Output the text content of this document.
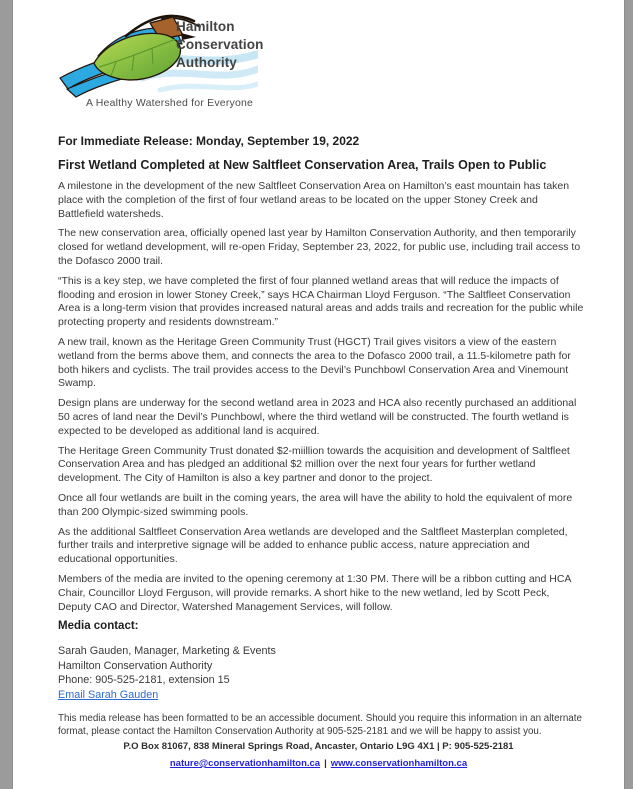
Hamilton
Conservation
Authority
A Healthy Watershed for Everyone

For Immediate Release: Monday, September 19, 2022

First Wetland Completed at New Saltfleet Conservation Area, Trails Open to Public

A milestone in the development of the new Saltfleet Conservation Area on Hamilton’s east mountain has taken place with the completion of the first of four wetland areas to be located on the upper Stoney Creek and Battlefield watersheds.

The new conservation area, officially opened last year by Hamilton Conservation Authority, and then temporarily closed for wetland development, will re-open Friday, September 23, 2022, for public use, including trail access to the Dofasco 2000 trail.

“This is a key step, we have completed the first of four planned wetland areas that will reduce the impacts of flooding and erosion in lower Stoney Creek,” says HCA Chairman Lloyd Ferguson. “The Saltfleet Conservation Area is a long-term vision that provides increased natural areas and adds trails and recreation for the public while protecting property and residents downstream.”

A new trail, known as the Heritage Green Community Trust (HGCT) Trail gives visitors a view of the eastern wetland from the berms above them, and connects the area to the Dofasco 2000 trail, a 11.5-kilometre path for both hikers and cyclists. The trail provides access to the Devil’s Punchbowl Conservation Area and Vinemount Swamp.

Design plans are underway for the second wetland area in 2023 and HCA also recently purchased an additional 50 acres of land near the Devil’s Punchbowl, where the third wetland will be constructed. The fourth wetland is expected to be developed as additional land is acquired.

The Heritage Green Community Trust donated $2-miillion towards the acquisition and development of Saltfleet Conservation Area and has pledged an additional $2 million over the next four years for further wetland development. The City of Hamilton is also a key partner and donor to the project.

Once all four wetlands are built in the coming years, the area will have the ability to hold the equivalent of more than 200 Olympic-sized swimming pools.

As the additional Saltfleet Conservation Area wetlands are developed and the Saltfleet Masterplan completed, further trails and interpretive signage will be added to enhance public access, nature appreciation and educational opportunities.

Members of the media are invited to the opening ceremony at 1:30 PM. There will be a ribbon cutting and HCA Chair, Councillor Lloyd Ferguson, will provide remarks. A short hike to the new wetland, led by Scott Peck, Deputy CAO and Director, Watershed Management Services, will follow.

Media contact:
Sarah Gauden, Manager, Marketing & Events
Hamilton Conservation Authority
Phone: 905-525-2181, extension 15
Email Sarah Gauden

This media release has been formatted to be an accessible document. Should you require this information in an alternate format, please contact the Hamilton Conservation Authority at 905-525-2181 and we will be happy to assist you.

P.O Box 81067, 838 Mineral Springs Road, Ancaster, Ontario L9G 4X1 | P: 905-525-2181
nature@conservationhamilton.ca | www.conservationhamilton.ca
